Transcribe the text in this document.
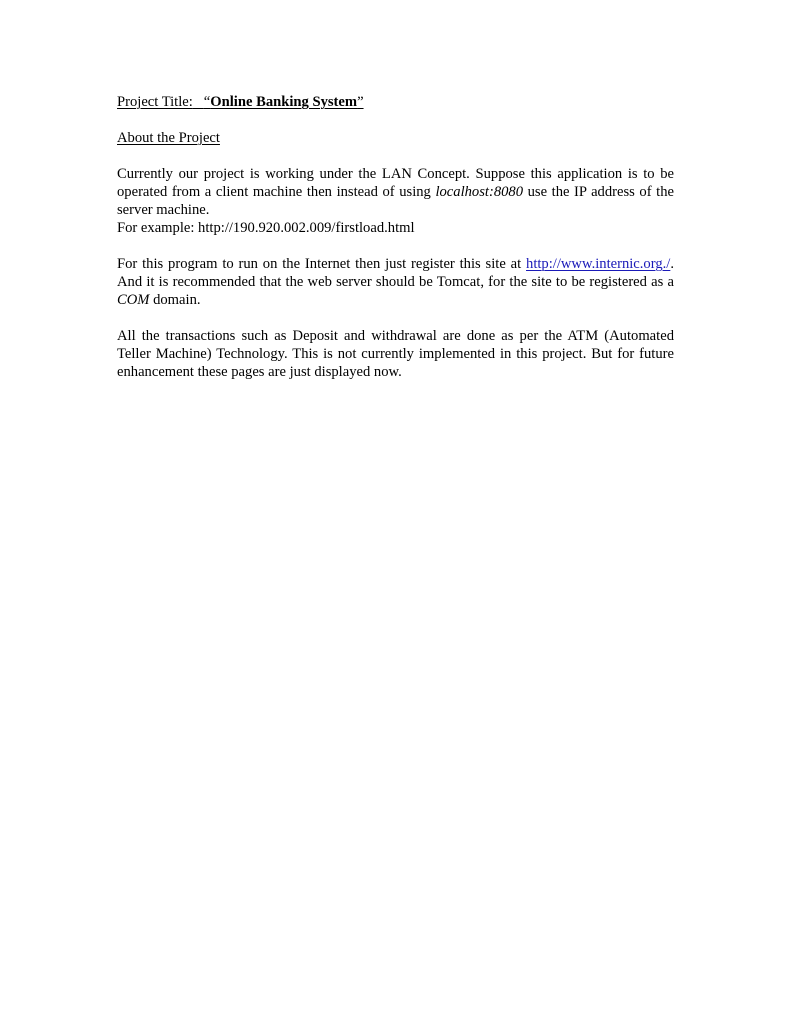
Project Title: “Online Banking System”

About the Project

Currently our project is working under the LAN Concept. Suppose this application is to be operated from a client machine then instead of using localhost:8080 use the IP address of the server machine.

For example: http://190.920.002.009/firstload.html

For this program to run on the Internet then just register this site at http://www.internic.org./. And it is recommended that the web server should be Tomcat, for the site to be registered as a COM domain.

All the transactions such as Deposit and withdrawal are done as per the ATM (Automated Teller Machine) Technology. This is not currently implemented in this project. But for future enhancement these pages are just displayed now.
